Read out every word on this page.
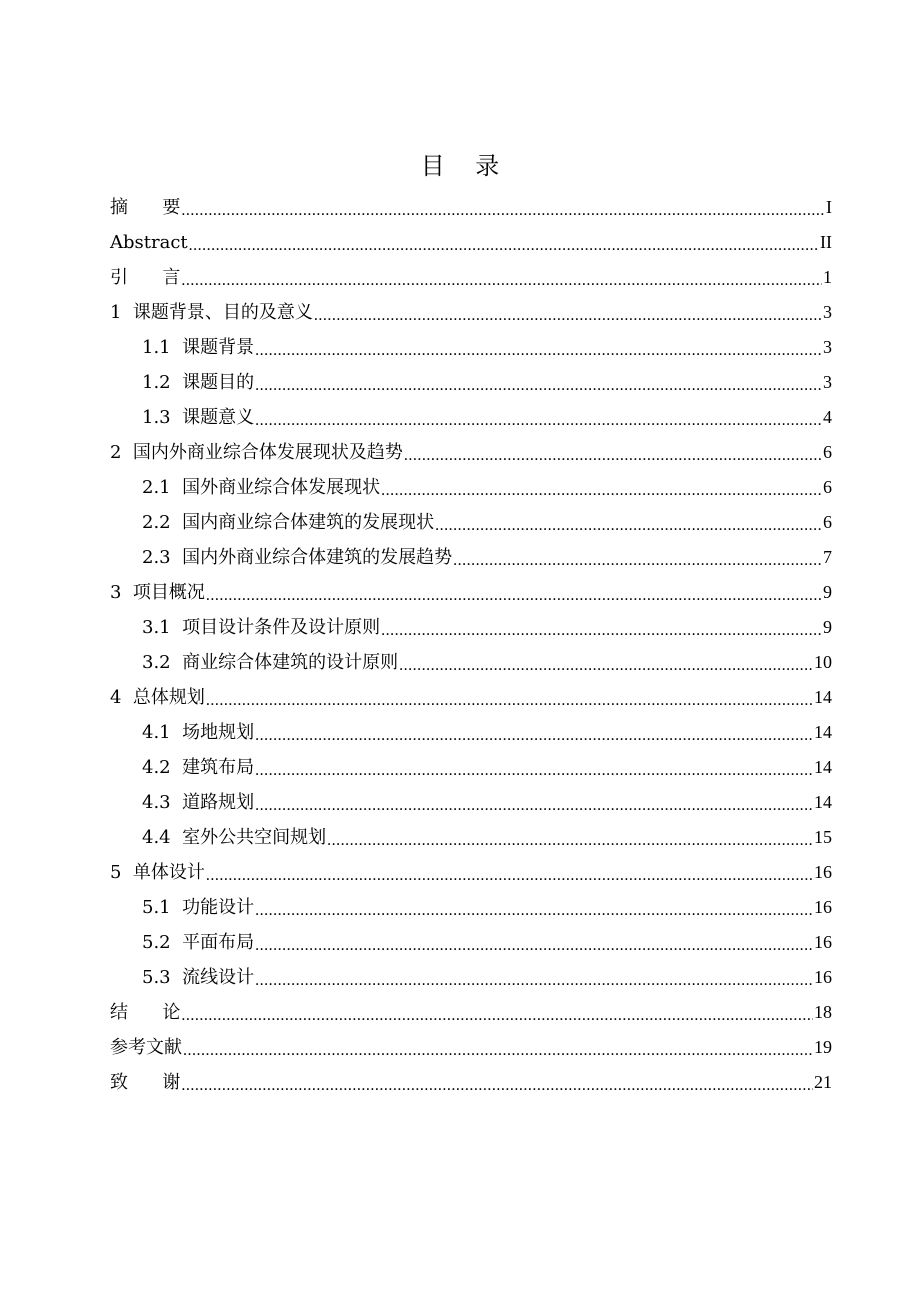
目    录
摘      要 .....	I
Abstract .....	II
引      言 .....	1
1  课题背景、目的及意义 .....	3
1.1  课题背景 .....	3
1.2  课题目的 .....	3
1.3  课题意义 .....	4
2  国内外商业综合体发展现状及趋势 .....	6
2.1  国外商业综合体发展现状 .....	6
2.2  国内商业综合体建筑的发展现状 .....	6
2.3  国内外商业综合体建筑的发展趋势 .....	7
3  项目概况 .....	9
3.1  项目设计条件及设计原则 .....	9
3.2  商业综合体建筑的设计原则 .....	10
4  总体规划 .....	14
4.1  场地规划 .....	14
4.2  建筑布局 .....	14
4.3  道路规划 .....	14
4.4  室外公共空间规划 .....	15
5  单体设计 .....	16
5.1  功能设计 .....	16
5.2  平面布局 .....	16
5.3  流线设计 .....	16
结      论 .....	18
参考文献 .....	19
致      谢 .....	21
